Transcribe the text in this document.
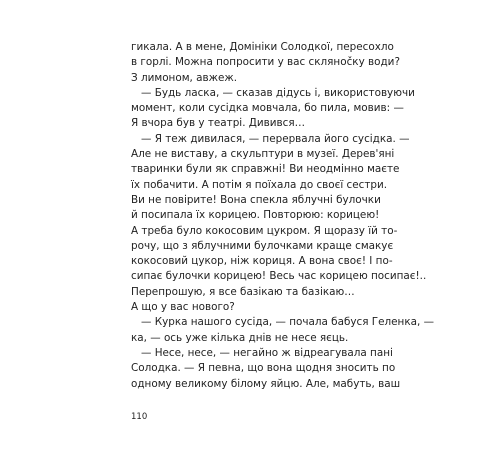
гикала. А в мене, Домініки Солодкої, пересохло
в горлі. Можна попросити у вас склянočку води?
З лимоном, авжеж.
— Будь ласка, — сказав дідусь і, використовуючи
момент, коли сусідка мовчала, бо пила, мовив: —
Я вчора був у театрі. Дивився…
— Я теж дивилася, — перервала його сусідка. —
Але не виставу, а скульптури в музеї. Дерев'яні
тваринки були як справжні! Ви неодмінно маєте
їх побачити. А потім я поїхала до своєї сестри.
Ви не повірите! Вона спекла яблучні булочки
й посипала їх корицею. Повторюю: корицею!
А треба було кокосовим цукром. Я щоразу їй то-
рочу, що з яблучними булочками краще смакує
кокосовий цукор, ніж кориця. А вона своє! І по-
сипає булочки корицею! Весь час корицею посипає!..
Перепрошую, я все базікаю та базікаю…
А що у вас нового?
— Курка нашого сусіда, — почала бабуся Геленка, —
ка, — ось уже кілька днів не несе яєць.
— Несе, несе, — негайно ж відреагувала пані
Солодка. — Я певна, що вона щодня зносить по
одному великому білому яйцю. Але, мабуть, ваш
110
